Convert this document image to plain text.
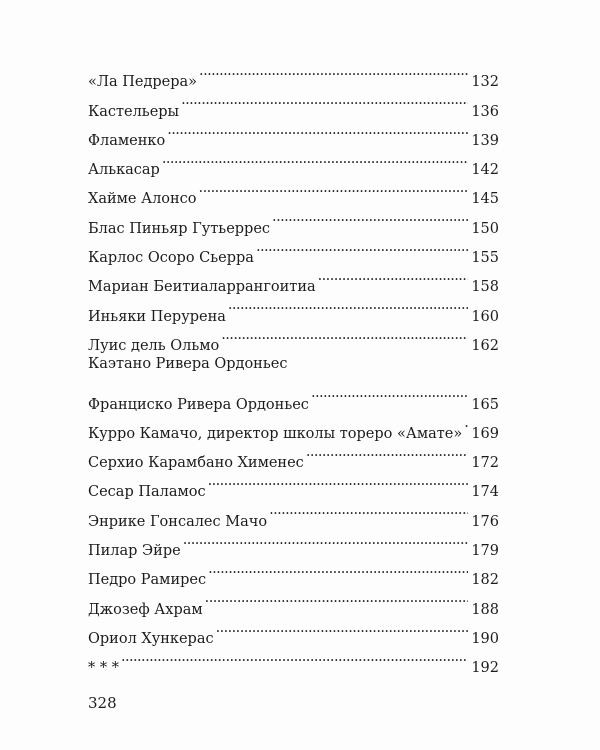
«Ла Педрера» . . .	132
Кастельеры . . .	136
Фламенко . . .	139
Алькасар . . .	142
Хайме Алонсо . . .	145
Блас Пиньяр Гутьеррес . . .	150
Карлос Осоро Сьерра . . .	155
Мариан Беитиаларрангоитиа . . .	158
Иньяки Перурена . . .	160
Луис дель Ольмо . . .	162
Каэтано Ривера Ордоньес
Франциско Ривера Ордоньес . . .	165
Курро Камачо, директор школы тореро «Амате» . . . 169
Серхио Карамбано Хименес . . .	172
Сесар Паламос . . .	174
Энрике Гонсалес Мачо . . .	176
Пилар Эйре . . .	179
Педро Рамирес . . .	182
Джозеф Ахрам . . .	188
Ориол Хункерас . . .	190
* * * . . .	192
328
